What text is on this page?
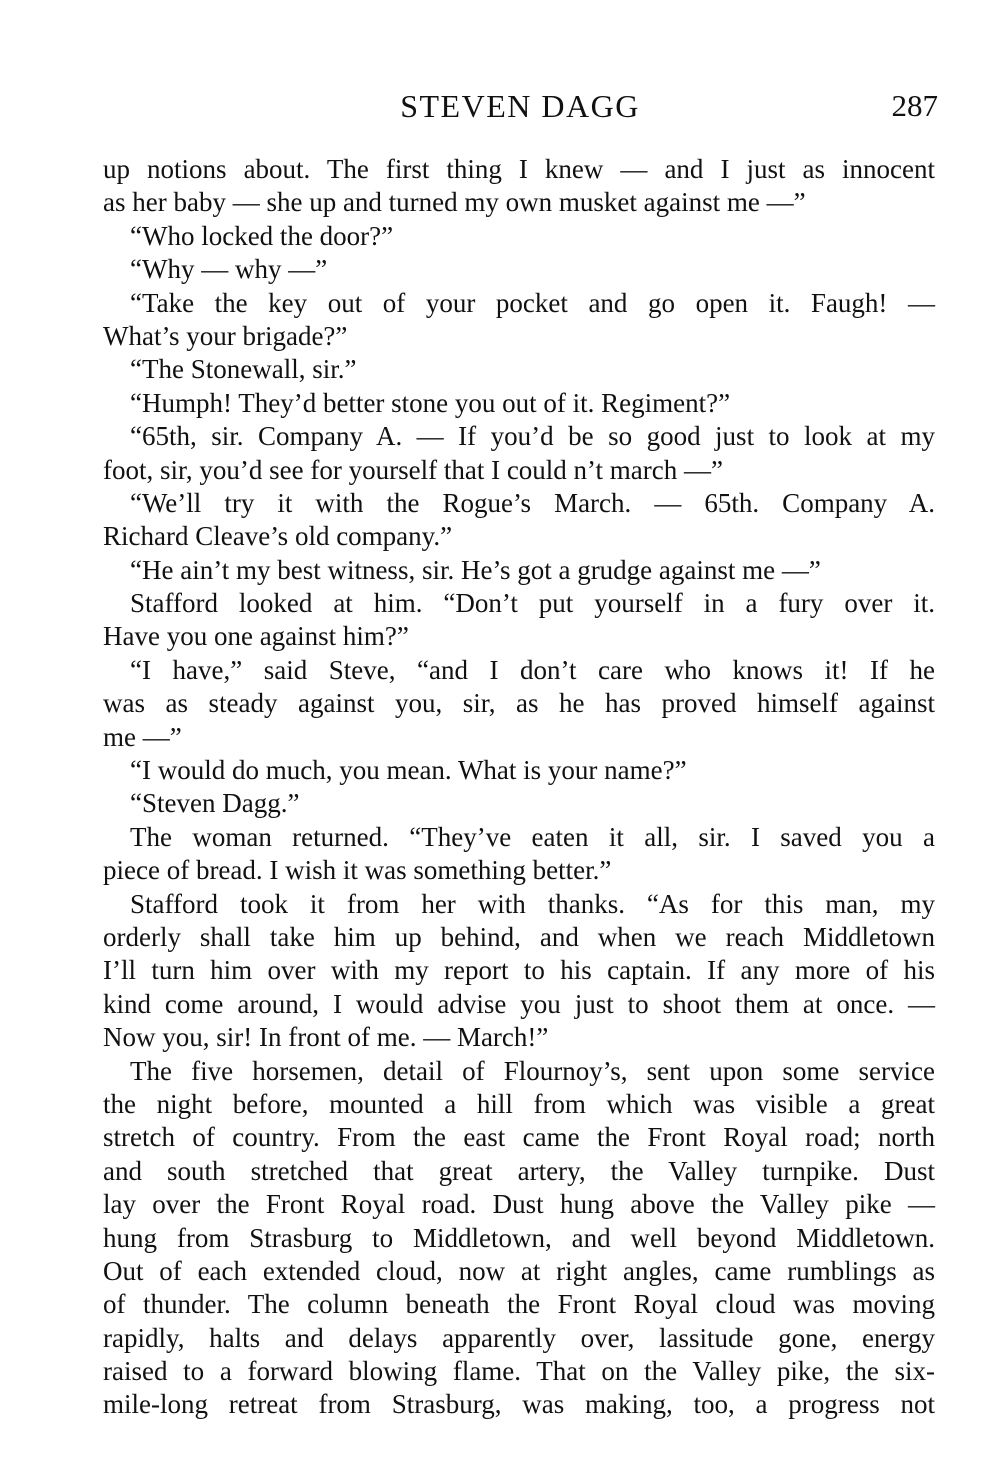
STEVEN DAGG	287
up notions about. The first thing I knew — and I just as innocent
as her baby — she up and turned my own musket against me —”
“Who locked the door?”
“Why — why —”
“Take the key out of your pocket and go open it. Faugh! —
What’s your brigade?”
“The Stonewall, sir.”
“Humph! They’d better stone you out of it. Regiment?”
“65th, sir. Company A. — If you’d be so good just to look at my
foot, sir, you’d see for yourself that I could n’t march —”
“We’ll try it with the Rogue’s March. — 65th. Company A.
Richard Cleave’s old company.”
“He ain’t my best witness, sir. He’s got a grudge against me —”
Stafford looked at him. “Don’t put yourself in a fury over it.
Have you one against him?”
“I have,” said Steve, “and I don’t care who knows it! If he
was as steady against you, sir, as he has proved himself against
me —”
“I would do much, you mean. What is your name?”
“Steven Dagg.”
The woman returned. “They’ve eaten it all, sir. I saved you a
piece of bread. I wish it was something better.”
Stafford took it from her with thanks. “As for this man, my
orderly shall take him up behind, and when we reach Middletown
I’ll turn him over with my report to his captain. If any more of his
kind come around, I would advise you just to shoot them at once. —
Now you, sir! In front of me. — March!”
The five horsemen, detail of Flournoy’s, sent upon some service
the night before, mounted a hill from which was visible a great
stretch of country. From the east came the Front Royal road; north
and south stretched that great artery, the Valley turnpike. Dust
lay over the Front Royal road. Dust hung above the Valley pike —
hung from Strasburg to Middletown, and well beyond Middletown.
Out of each extended cloud, now at right angles, came rumblings as
of thunder. The column beneath the Front Royal cloud was moving
rapidly, halts and delays apparently over, lassitude gone, energy
raised to a forward blowing flame. That on the Valley pike, the six-
mile-long retreat from Strasburg, was making, too, a progress not
